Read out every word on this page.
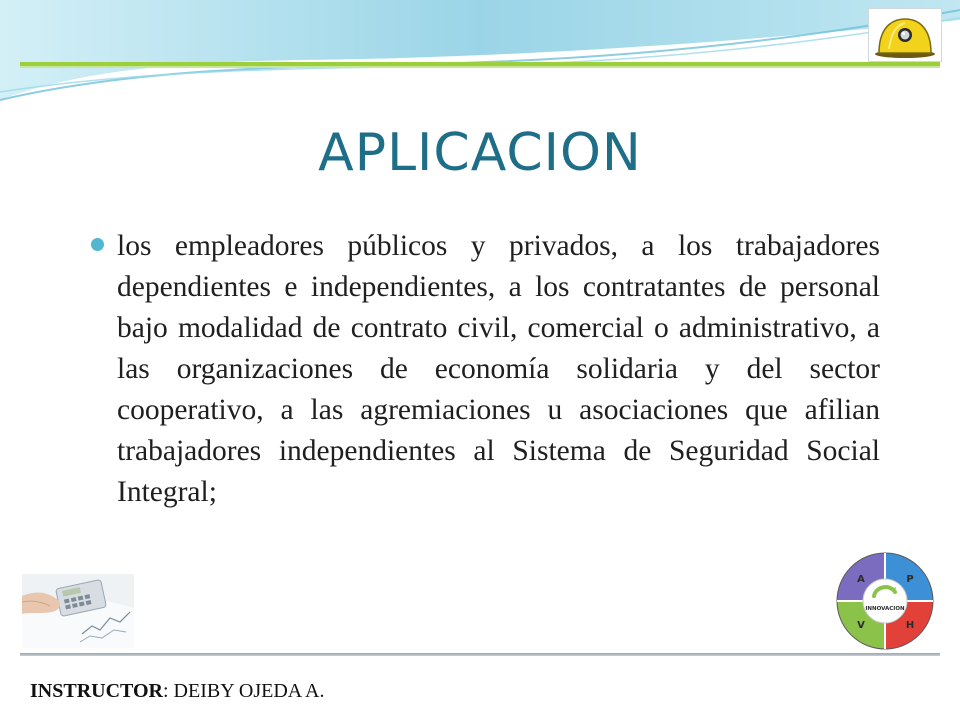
APLICACION

los empleadores públicos y privados, a los trabajadores dependientes e independientes, a los contratantes de personal bajo modalidad de contrato civil, comercial o administrativo, a las organizaciones de economía solidaria y del sector cooperativo, a las agremiaciones u asociaciones que afilian trabajadores independientes al Sistema de Seguridad Social Integral;

INNOVACION
A	P
V	H
INSTRUCTOR: DEIBY OJEDA A.
